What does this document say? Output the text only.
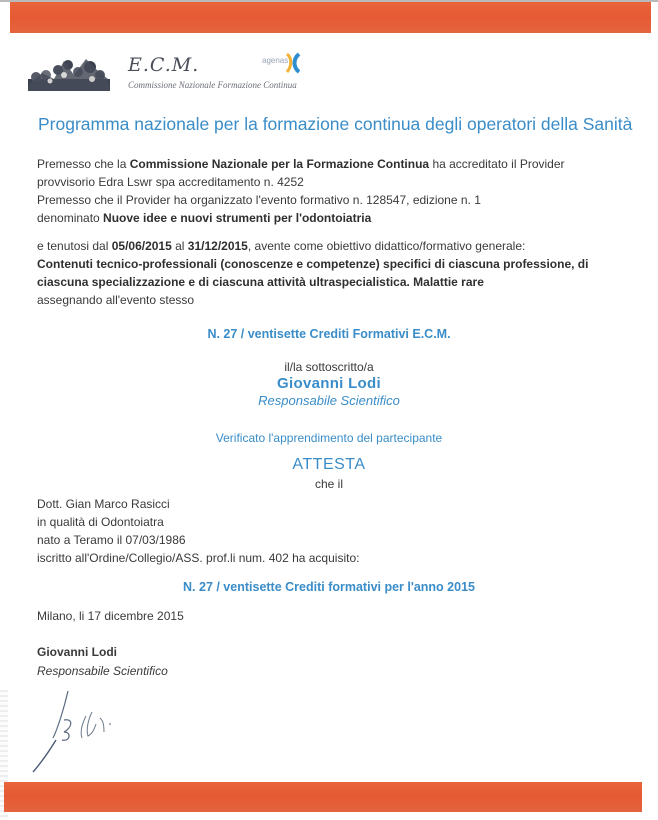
E.C.M.
Commissione Nazionale Formazione Continua
agenas
Programma nazionale per la formazione continua degli operatori della Sanità
Premesso che la Commissione Nazionale per la Formazione Continua ha accreditato il Provider
provvisorio Edra Lswr spa accreditamento n. 4252
Premesso che il Provider ha organizzato l'evento formativo n. 128547, edizione n. 1
denominato Nuove idee e nuovi strumenti per l'odontoiatria
e tenutosi dal 05/06/2015 al 31/12/2015, avente come obiettivo didattico/formativo generale:
Contenuti tecnico-professionali (conoscenze e competenze) specifici di ciascuna professione, di
ciascuna specializzazione e di ciascuna attività ultraspecialistica. Malattie rare
assegnando all'evento stesso
N. 27 / ventisette Crediti Formativi E.C.M.
il/la sottoscritto/a
Giovanni Lodi
Responsabile Scientifico
Verificato l'apprendimento del partecipante
ATTESTA
che il
Dott. Gian Marco Rasicci
in qualità di Odontoiatra
nato a Teramo il 07/03/1986
iscritto all'Ordine/Collegio/ASS. prof.li num. 402 ha acquisito:
N. 27 / ventisette Crediti formativi per l'anno 2015
Milano, li 17 dicembre 2015
Giovanni Lodi
Responsabile Scientifico
